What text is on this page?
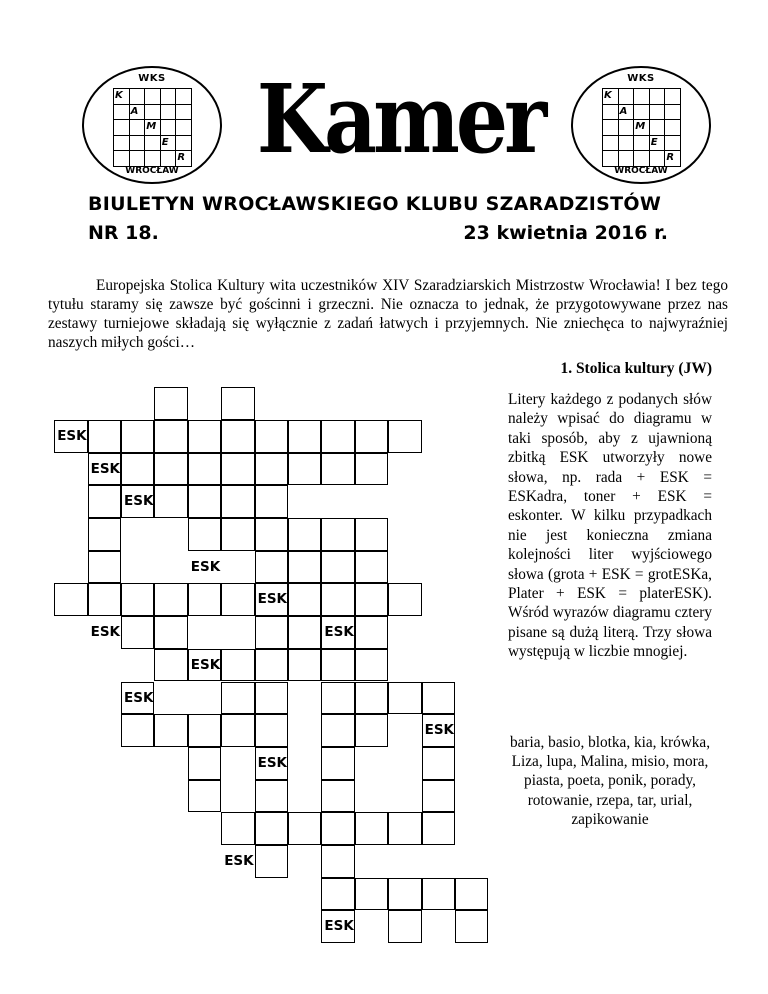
WKS
K
A
M
E
R
WROCŁAW
WKS
K
A
M
E
R
WROCŁAW
Kamer
BIULETYN WROCŁAWSKIEGO KLUBU SZARADZISTÓW
NR 18.	23 kwietnia 2016 r.

Europejska Stolica Kultury wita uczestników XIV Szaradziarskich Mistrzostw Wrocławia! I bez tego tytułu staramy się zawsze być gościnni i grzeczni. Nie oznacza to jednak, że przygotowywane przez nas zestawy turniejowe składają się wyłącznie z zadań łatwych i przyjemnych. Nie zniechęca to najwyraźniej naszych miłych gości…

1. Stolica kultury (JW)
ESK
ESK
ESK
ESK
ESK
ESK	ESK
ESK
ESK
ESK
ESK
ESK
ESK

Litery każdego z podanych słów należy wpisać do diagramu w taki sposób, aby z ujawnioną zbitką ESK utworzyły nowe słowa, np. rada + ESK = ESKadra, toner + ESK = eskonter. W kilku przypadkach nie jest konieczna zmiana kolejności liter wyjściowego słowa (grota + ESK = grotESKa, Plater + ESK = platerESK). Wśród wyrazów diagramu cztery pisane są dużą literą. Trzy słowa występują w liczbie mnogiej.

baria, basio, blotka, kia, krówka, Liza, lupa, Malina, misio, mora, piasta, poeta, ponik, porady, rotowanie, rzepa, tar, urial, zapikowanie
